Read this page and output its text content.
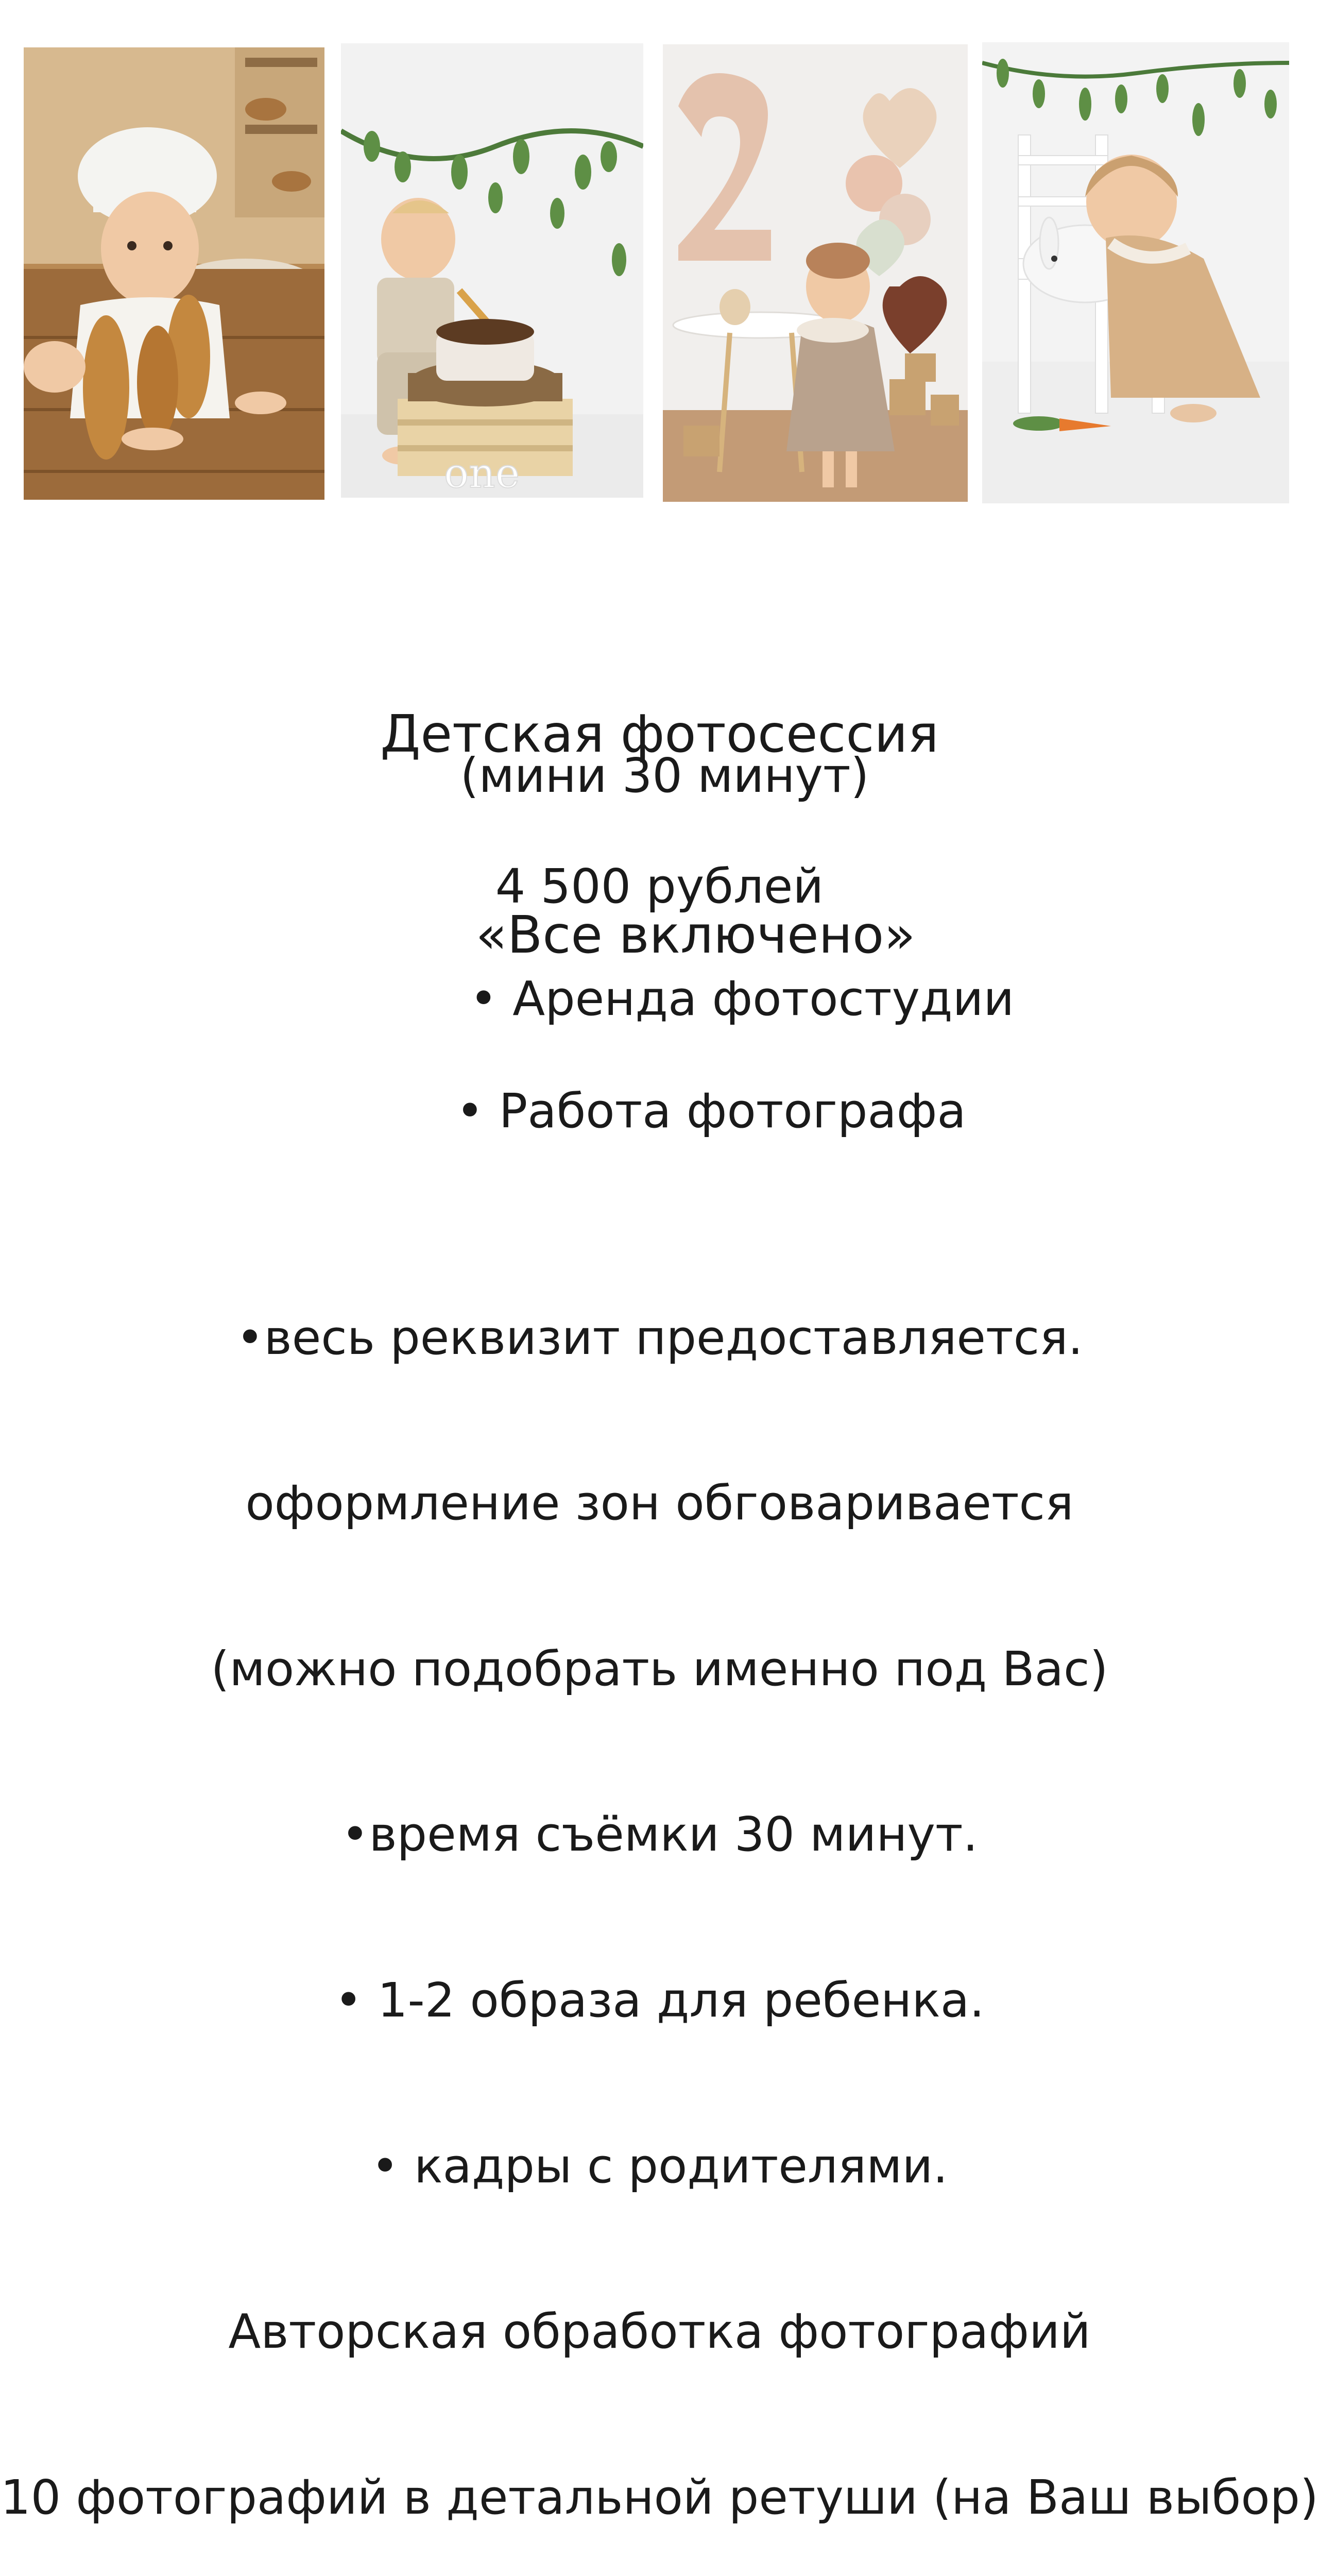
one

Детская фотосессия

«Все включено»

(мини 30 минут)
4 500 рублей
• Аренда фотостудии
• Работа фотографа

•весь реквизит предоставляется.

оформление зон обговаривается

(можно подобрать именно под Вас)

•время съёмки 30 минут.

• 1-2 образа для ребенка.

• кадры с родителями.

Авторская обработка фотографий

10 фотографий в детальной ретуши (на Ваш выбор)
